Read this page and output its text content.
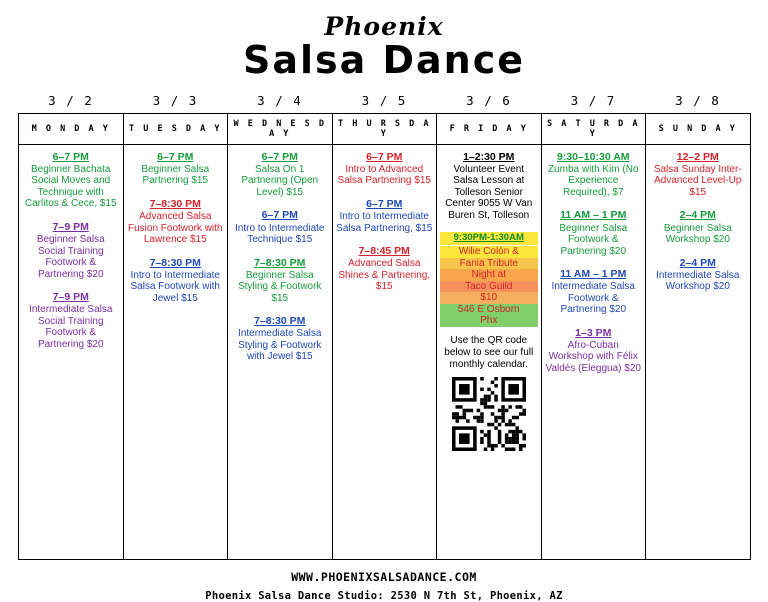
Phoenix
Salsa Dance
3 / 2	3 / 3	3 / 4	3 / 5	3 / 6	3 / 7	3 / 8
M O N D A Y	T U E S D A Y	W E D N E S D A Y	T H U R S D A Y	F R I D A Y	S A T U R D A Y	S U N D A Y

6–7 PM
Beginner Bachata Social Moves and Technique with Carlitos & Cece, $15
7–9 PM
Beginner Salsa Social Training Footwork & Partnering $20
7–9 PM
Intermediate Salsa Social Training Footwork & Partnering $20

6–7 PM
Beginner Salsa Partnering $15
7–8:30 PM
Advanced Salsa Fusion Footwork with Lawrence $15
7–8:30 PM
Intro to Intermediate Salsa Footwork with Jewel $15

6–7 PM
Salsa On 1 Partnering (Open Level) $15
6–7 PM
Intro to Intermediate Technique $15
7–8:30 PM
Beginner Salsa Styling & Footwork $15
7–8:30 PM
Intermediate Salsa Styling & Footwork with Jewel $15

6–7 PM
Intro to Advanced Salsa Partnering $15
6–7 PM
Intro to Intermediate Salsa Partnering, $15
7–8:45 PM
Advanced Salsa Shines & Partnering, $15

1–2:30 PM
Volunteer Event Salsa Lesson at Tolleson Senior Center 9055 W Van Buren St, Tolleson
9:30PM-1:30AM
Wilie Colón &
Fania Tribute
Night at
Taco Guild
$10
546 E Osborn
Phx
Use the QR code below to see our full monthly calendar.

9:30–10:30 AM
Zumba with Kim (No Experience Required), $7
11 AM – 1 PM
Beginner Salsa Footwork & Partnering $20
11 AM – 1 PM
Intermediate Salsa Footwork & Partnering $20
1–3 PM
Afro-Cuban Workshop with Félix Valdés (Eleggua) $20

12–2 PM
Salsa Sunday Inter-Advanced Level-Up $15
2–4 PM
Beginner Salsa Workshop $20
2–4 PM
Intermediate Salsa Workshop $20
WWW.PHOENIXSALSADANCE.COM
Phoenix Salsa Dance Studio: 2530 N 7th St, Phoenix, AZ
